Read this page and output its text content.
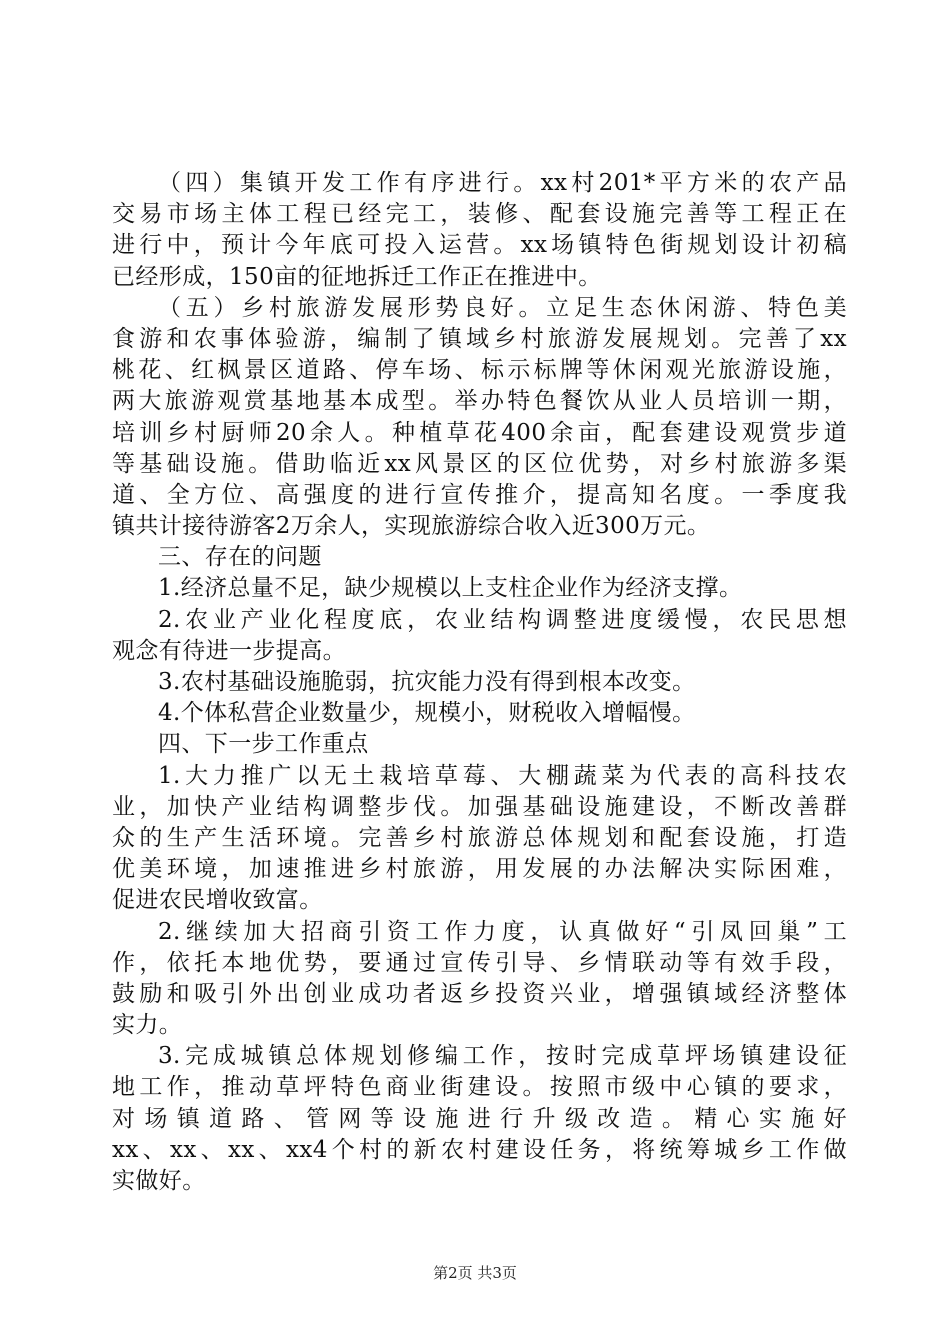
（四）集镇开发工作有序进行。xx村201*平方米的农产品
交易市场主体工程已经完工，装修、配套设施完善等工程正在
进行中，预计今年底可投入运营。xx场镇特色街规划设计初稿
已经形成，150亩的征地拆迁工作正在推进中。
（五）乡村旅游发展形势良好。立足生态休闲游、特色美
食游和农事体验游，编制了镇域乡村旅游发展规划。完善了xx
桃花、红枫景区道路、停车场、标示标牌等休闲观光旅游设施，
两大旅游观赏基地基本成型。举办特色餐饮从业人员培训一期，
培训乡村厨师20余人。种植草花400余亩，配套建设观赏步道
等基础设施。借助临近xx风景区的区位优势，对乡村旅游多渠
道、全方位、高强度的进行宣传推介，提高知名度。一季度我
镇共计接待游客2万余人，实现旅游综合收入近300万元。
三、存在的问题
1.经济总量不足，缺少规模以上支柱企业作为经济支撑。
2.农业产业化程度底，农业结构调整进度缓慢，农民思想
观念有待进一步提高。
3.农村基础设施脆弱，抗灾能力没有得到根本改变。
4.个体私营企业数量少，规模小，财税收入增幅慢。
四、下一步工作重点
1.大力推广以无土栽培草莓、大棚蔬菜为代表的高科技农
业，加快产业结构调整步伐。加强基础设施建设，不断改善群
众的生产生活环境。完善乡村旅游总体规划和配套设施，打造
优美环境，加速推进乡村旅游，用发展的办法解决实际困难，
促进农民增收致富。
2.继续加大招商引资工作力度，认真做好“引凤回巢”工
作，依托本地优势，要通过宣传引导、乡情联动等有效手段，
鼓励和吸引外出创业成功者返乡投资兴业，增强镇域经济整体
实力。
3.完成城镇总体规划修编工作，按时完成草坪场镇建设征
地工作，推动草坪特色商业街建设。按照市级中心镇的要求，
对场镇道路、管网等设施进行升级改造。精心实施好
xx、xx、xx、xx4个村的新农村建设任务，将统筹城乡工作做
实做好。
第2页 共3页
